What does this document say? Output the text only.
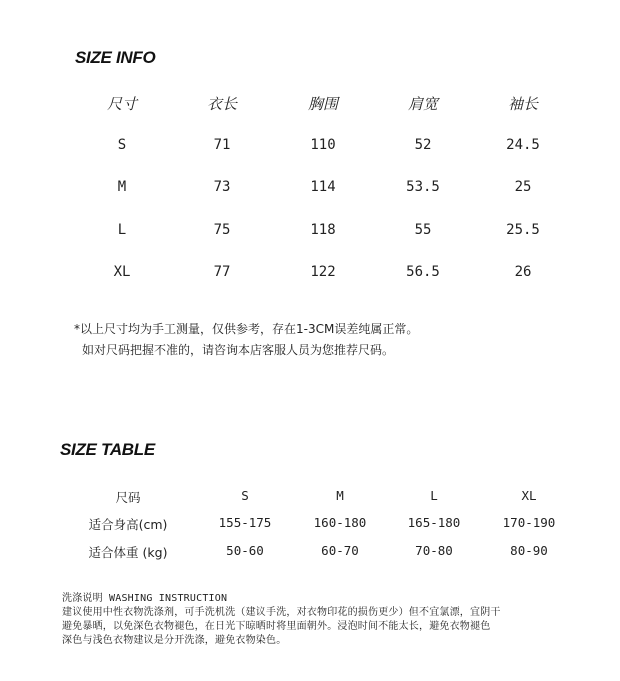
SIZE INFO
尺寸	衣长	胸围	肩宽	袖长
S	71	110	52	24.5
M	73	114	53.5	25
L	75	118	55	25.5
XL	77	122	56.5	26
*以上尺寸均为手工测量，仅供参考，存在1-3CM误差纯属正常。
如对尺码把握不准的，请咨询本店客服人员为您推荐尺码。
SIZE TABLE
尺码	S	M	L	XL
适合身高(cm)	155-175	160-180	165-180	170-190
适合体重 (kg)	50-60	60-70	70-80	80-90
洗涤说明 WASHING INSTRUCTION
建议使用中性衣物洗涤剂，可手洗机洗（建议手洗，对衣物印花的损伤更少）但不宜氯漂，宜阴干
避免暴晒，以免深色衣物褪色，在日光下晾晒时将里面朝外。浸泡时间不能太长，避免衣物褪色
深色与浅色衣物建议是分开洗涤，避免衣物染色。
